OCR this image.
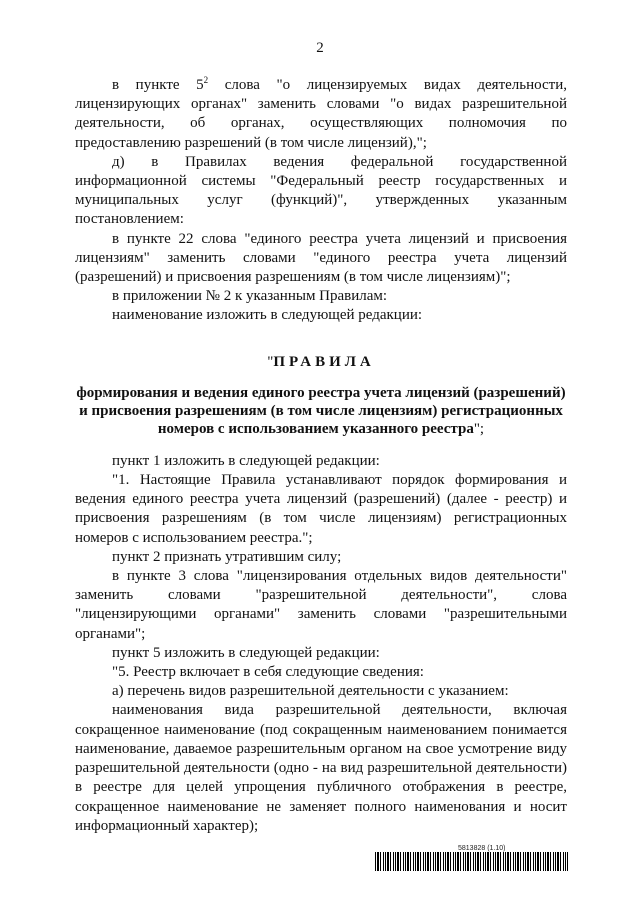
2

в пункте $5^2$ слова "о лицензируемых видах деятельности, лицензирующих органах" заменить словами "о видах разрешительной деятельности, об органах, осуществляющих полномочия по предоставлению разрешений (в том числе лицензий),";

д) в Правилах ведения федеральной государственной информационной системы "Федеральный реестр государственных и муниципальных услуг (функций)", утвержденных указанным постановлением:

в пункте 22 слова "единого реестра учета лицензий и присвоения лицензиям" заменить словами "единого реестра учета лицензий (разрешений) и присвоения разрешениям (в том числе лицензиям)";

в приложении № 2 к указанным Правилам:

наименование изложить в следующей редакции:

"ПРАВИЛА
формирования и ведения единого реестра учета лицензий (разрешений) и присвоения разрешениям (в том числе лицензиям) регистрационных номеров с использованием указанного реестра";

пункт 1 изложить в следующей редакции:

"1. Настоящие Правила устанавливают порядок формирования и ведения единого реестра учета лицензий (разрешений) (далее - реестр) и присвоения разрешениям (в том числе лицензиям) регистрационных номеров с использованием реестра.";

пункт 2 признать утратившим силу;

в пункте 3 слова "лицензирования отдельных видов деятельности" заменить словами "разрешительной деятельности", слова "лицензирующими органами" заменить словами "разрешительными органами";

пункт 5 изложить в следующей редакции:

"5. Реестр включает в себя следующие сведения:

а) перечень видов разрешительной деятельности с указанием:

наименования вида разрешительной деятельности, включая сокращенное наименование (под сокращенным наименованием понимается наименование, даваемое разрешительным органом на свое усмотрение виду разрешительной деятельности (одно - на вид разрешительной деятельности) в реестре для целей упрощения публичного отображения в реестре, сокращенное наименование не заменяет полного наименования и носит информационный характер);

5813828 (1.10)
